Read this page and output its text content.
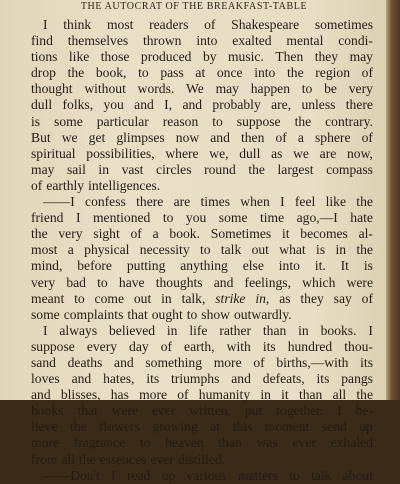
THE AUTOCRAT OF THE BREAKFAST-TABLE
I think most readers of Shakespeare sometimes
find themselves thrown into exalted mental condi-
tions like those produced by music. Then they may
drop the book, to pass at once into the region of
thought without words. We may happen to be very
dull folks, you and I, and probably are, unless there
is some particular reason to suppose the contrary.
But we get glimpses now and then of a sphere of
spiritual possibilities, where we, dull as we are now,
may sail in vast circles round the largest compass
of earthly intelligences.
——I confess there are times when I feel like the
friend I mentioned to you some time ago,—I hate
the very sight of a book. Sometimes it becomes al-
most a physical necessity to talk out what is in the
mind, before putting anything else into it. It is
very bad to have thoughts and feelings, which were
meant to come out in talk, strike in, as they say of
some complaints that ought to show outwardly.
I always believed in life rather than in books. I
suppose every day of earth, with its hundred thou-
sand deaths and something more of births,—with its
loves and hates, its triumphs and defeats, its pangs
and blisses, has more of humanity in it than all the
books that were ever written, put together. I be-
lieve the flowers growing at this moment send up
more fragrance to heaven than was ever exhaled
from all the essences ever distilled.
——Don't I read up various matters to talk about
